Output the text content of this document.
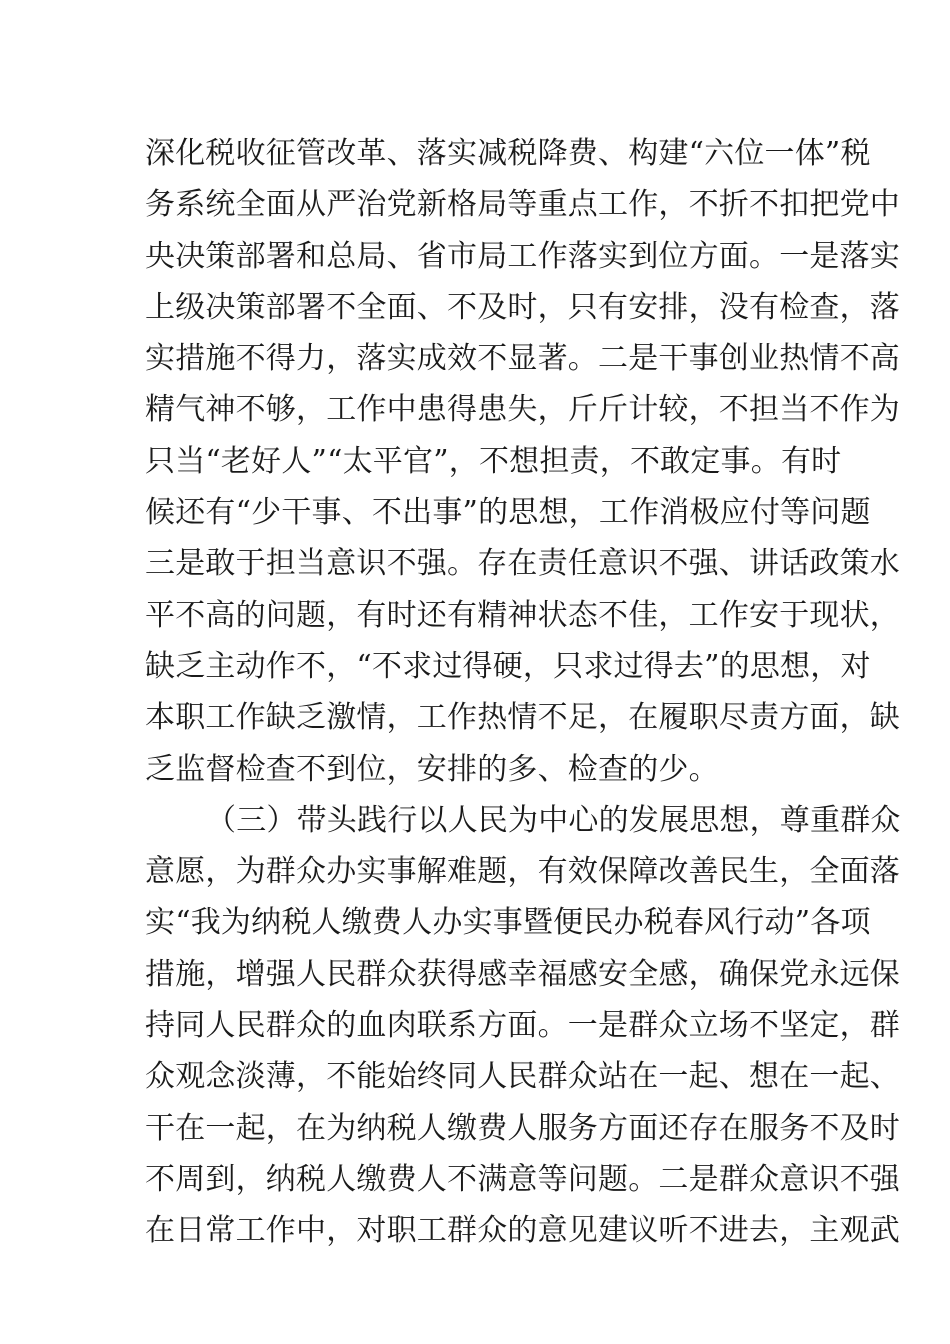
深化税收征管改革、落实减税降费、构建“六位一体”税
务系统全面从严治党新格局等重点工作，不折不扣把党中
央决策部署和总局、省市局工作落实到位方面。一是落实
上级决策部署不全面、不及时，只有安排，没有检查，落
实措施不得力，落实成效不显著。二是干事创业热情不高
精气神不够，工作中患得患失，斤斤计较，不担当不作为
只当“老好人”“太平官”，不想担责，不敢定事。有时
候还有“少干事、不出事”的思想，工作消极应付等问题
三是敢于担当意识不强。存在责任意识不强、讲话政策水
平不高的问题，有时还有精神状态不佳，工作安于现状，
缺乏主动作不，“不求过得硬，只求过得去”的思想，对
本职工作缺乏激情，工作热情不足，在履职尽责方面，缺
乏监督检查不到位，安排的多、检查的少。
（三）带头践行以人民为中心的发展思想，尊重群众
意愿，为群众办实事解难题，有效保障改善民生，全面落
实“我为纳税人缴费人办实事暨便民办税春风行动”各项
措施，增强人民群众获得感幸福感安全感，确保党永远保
持同人民群众的血肉联系方面。一是群众立场不坚定，群
众观念淡薄，不能始终同人民群众站在一起、想在一起、
干在一起，在为纳税人缴费人服务方面还存在服务不及时
不周到，纳税人缴费人不满意等问题。二是群众意识不强
在日常工作中，对职工群众的意见建议听不进去，主观武
